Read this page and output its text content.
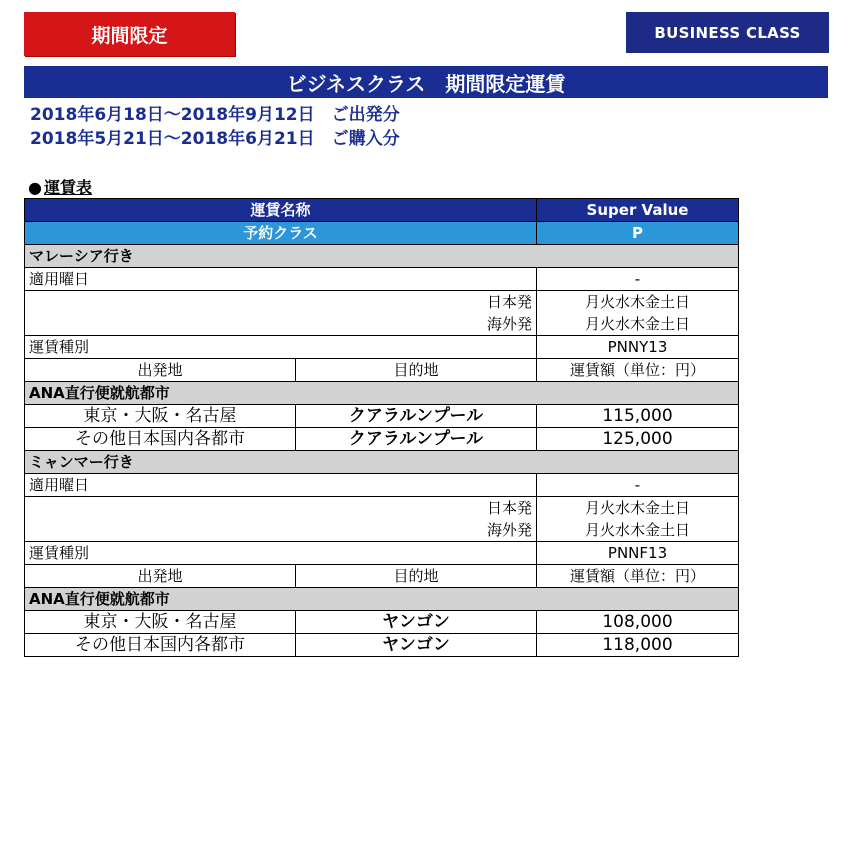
期間限定	BUSINESS CLASS
ビジネスクラス　期間限定運賃
2018年6月18日～2018年9月12日　ご出発分
2018年5月21日～2018年6月21日　ご購入分
● 運賃表
運賃名称		Super Value
予約クラス		P
マレーシア行き		
適用曜日		-
日本発		月火水木金土日
海外発		月火水木金土日
運賃種別		PNNY13
出発地	目的地	運賃額（単位：円）
ANA直行便就航都市		
東京・大阪・名古屋	クアラルンプール	115,000
その他日本国内各都市	クアラルンプール	125,000
ミャンマー行き		
適用曜日		-
日本発		月火水木金土日
海外発		月火水木金土日
運賃種別		PNNF13
出発地	目的地	運賃額（単位：円）
ANA直行便就航都市		
東京・大阪・名古屋	ヤンゴン	108,000
その他日本国内各都市	ヤンゴン	118,000
